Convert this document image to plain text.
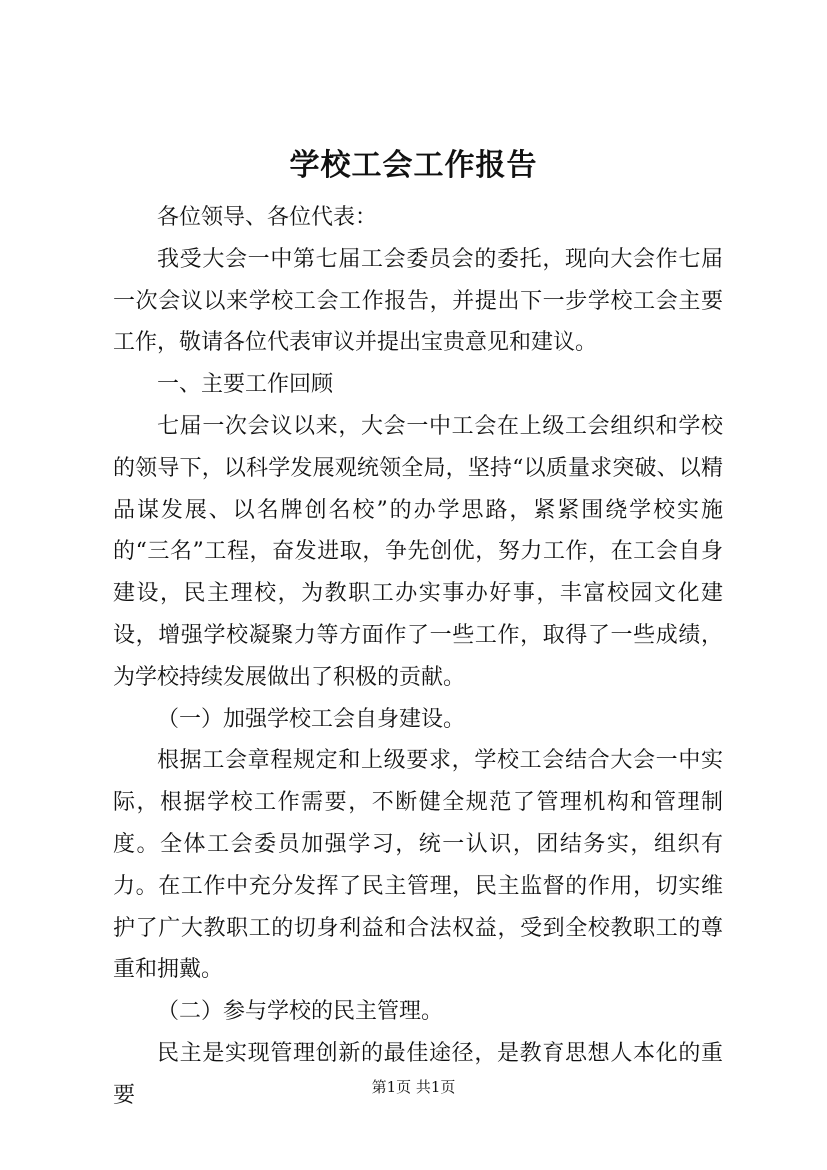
学校工会工作报告

各位领导、各位代表：

我受大会一中第七届工会委员会的委托，现向大会作七届一次会议以来学校工会工作报告，并提出下一步学校工会主要工作，敬请各位代表审议并提出宝贵意见和建议。

一、主要工作回顾

七届一次会议以来，大会一中工会在上级工会组织和学校的领导下，以科学发展观统领全局，坚持“以质量求突破、以精品谋发展、以名牌创名校”的办学思路，紧紧围绕学校实施的“三名”工程，奋发进取，争先创优，努力工作，在工会自身建设，民主理校，为教职工办实事办好事，丰富校园文化建设，增强学校凝聚力等方面作了一些工作，取得了一些成绩，为学校持续发展做出了积极的贡献。

（一）加强学校工会自身建设。

根据工会章程规定和上级要求，学校工会结合大会一中实际，根据学校工作需要，不断健全规范了管理机构和管理制度。全体工会委员加强学习，统一认识，团结务实，组织有力。在工作中充分发挥了民主管理，民主监督的作用，切实维护了广大教职工的切身利益和合法权益，受到全校教职工的尊重和拥戴。

（二）参与学校的民主管理。

民主是实现管理创新的最佳途径，是教育思想人本化的重要	第1页 共1页
